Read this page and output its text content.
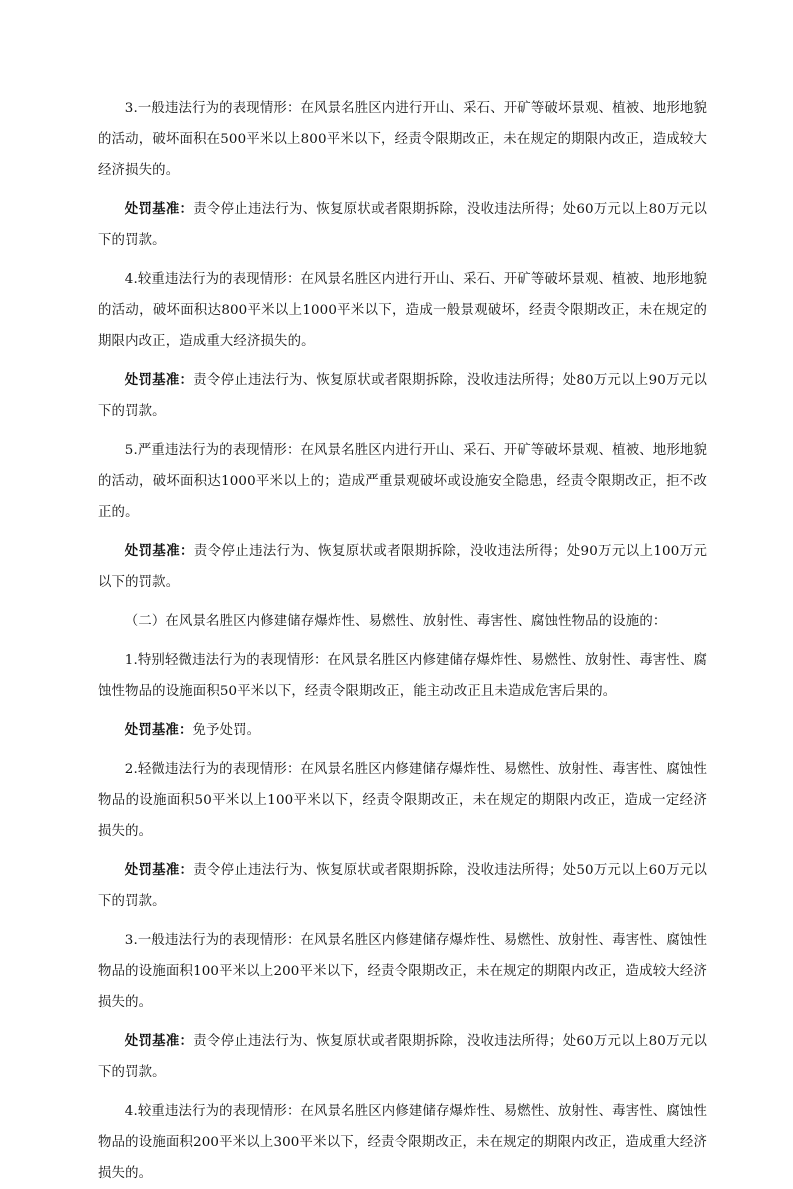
3.一般违法行为的表现情形：在风景名胜区内进行开山、采石、开矿等破坏景观、植被、地形地貌的活动，破坏面积在500平米以上800平米以下，经责令限期改正，未在规定的期限内改正，造成较大经济损失的。

处罚基准：责令停止违法行为、恢复原状或者限期拆除，没收违法所得；处60万元以上80万元以下的罚款。

4.较重违法行为的表现情形：在风景名胜区内进行开山、采石、开矿等破坏景观、植被、地形地貌的活动，破坏面积达800平米以上1000平米以下，造成一般景观破坏，经责令限期改正，未在规定的期限内改正，造成重大经济损失的。

处罚基准：责令停止违法行为、恢复原状或者限期拆除，没收违法所得；处80万元以上90万元以下的罚款。

5.严重违法行为的表现情形：在风景名胜区内进行开山、采石、开矿等破坏景观、植被、地形地貌的活动，破坏面积达1000平米以上的；造成严重景观破坏或设施安全隐患，经责令限期改正，拒不改正的。

处罚基准：责令停止违法行为、恢复原状或者限期拆除，没收违法所得；处90万元以上100万元以下的罚款。

（二）在风景名胜区内修建储存爆炸性、易燃性、放射性、毒害性、腐蚀性物品的设施的：

1.特别轻微违法行为的表现情形：在风景名胜区内修建储存爆炸性、易燃性、放射性、毒害性、腐蚀性物品的设施面积50平米以下，经责令限期改正，能主动改正且未造成危害后果的。

处罚基准：免予处罚。

2.轻微违法行为的表现情形：在风景名胜区内修建储存爆炸性、易燃性、放射性、毒害性、腐蚀性物品的设施面积50平米以上100平米以下，经责令限期改正，未在规定的期限内改正，造成一定经济损失的。

处罚基准：责令停止违法行为、恢复原状或者限期拆除，没收违法所得；处50万元以上60万元以下的罚款。

3.一般违法行为的表现情形：在风景名胜区内修建储存爆炸性、易燃性、放射性、毒害性、腐蚀性物品的设施面积100平米以上200平米以下，经责令限期改正，未在规定的期限内改正，造成较大经济损失的。

处罚基准：责令停止违法行为、恢复原状或者限期拆除，没收违法所得；处60万元以上80万元以下的罚款。

4.较重违法行为的表现情形：在风景名胜区内修建储存爆炸性、易燃性、放射性、毒害性、腐蚀性物品的设施面积200平米以上300平米以下，经责令限期改正，未在规定的期限内改正，造成重大经济损失的。
